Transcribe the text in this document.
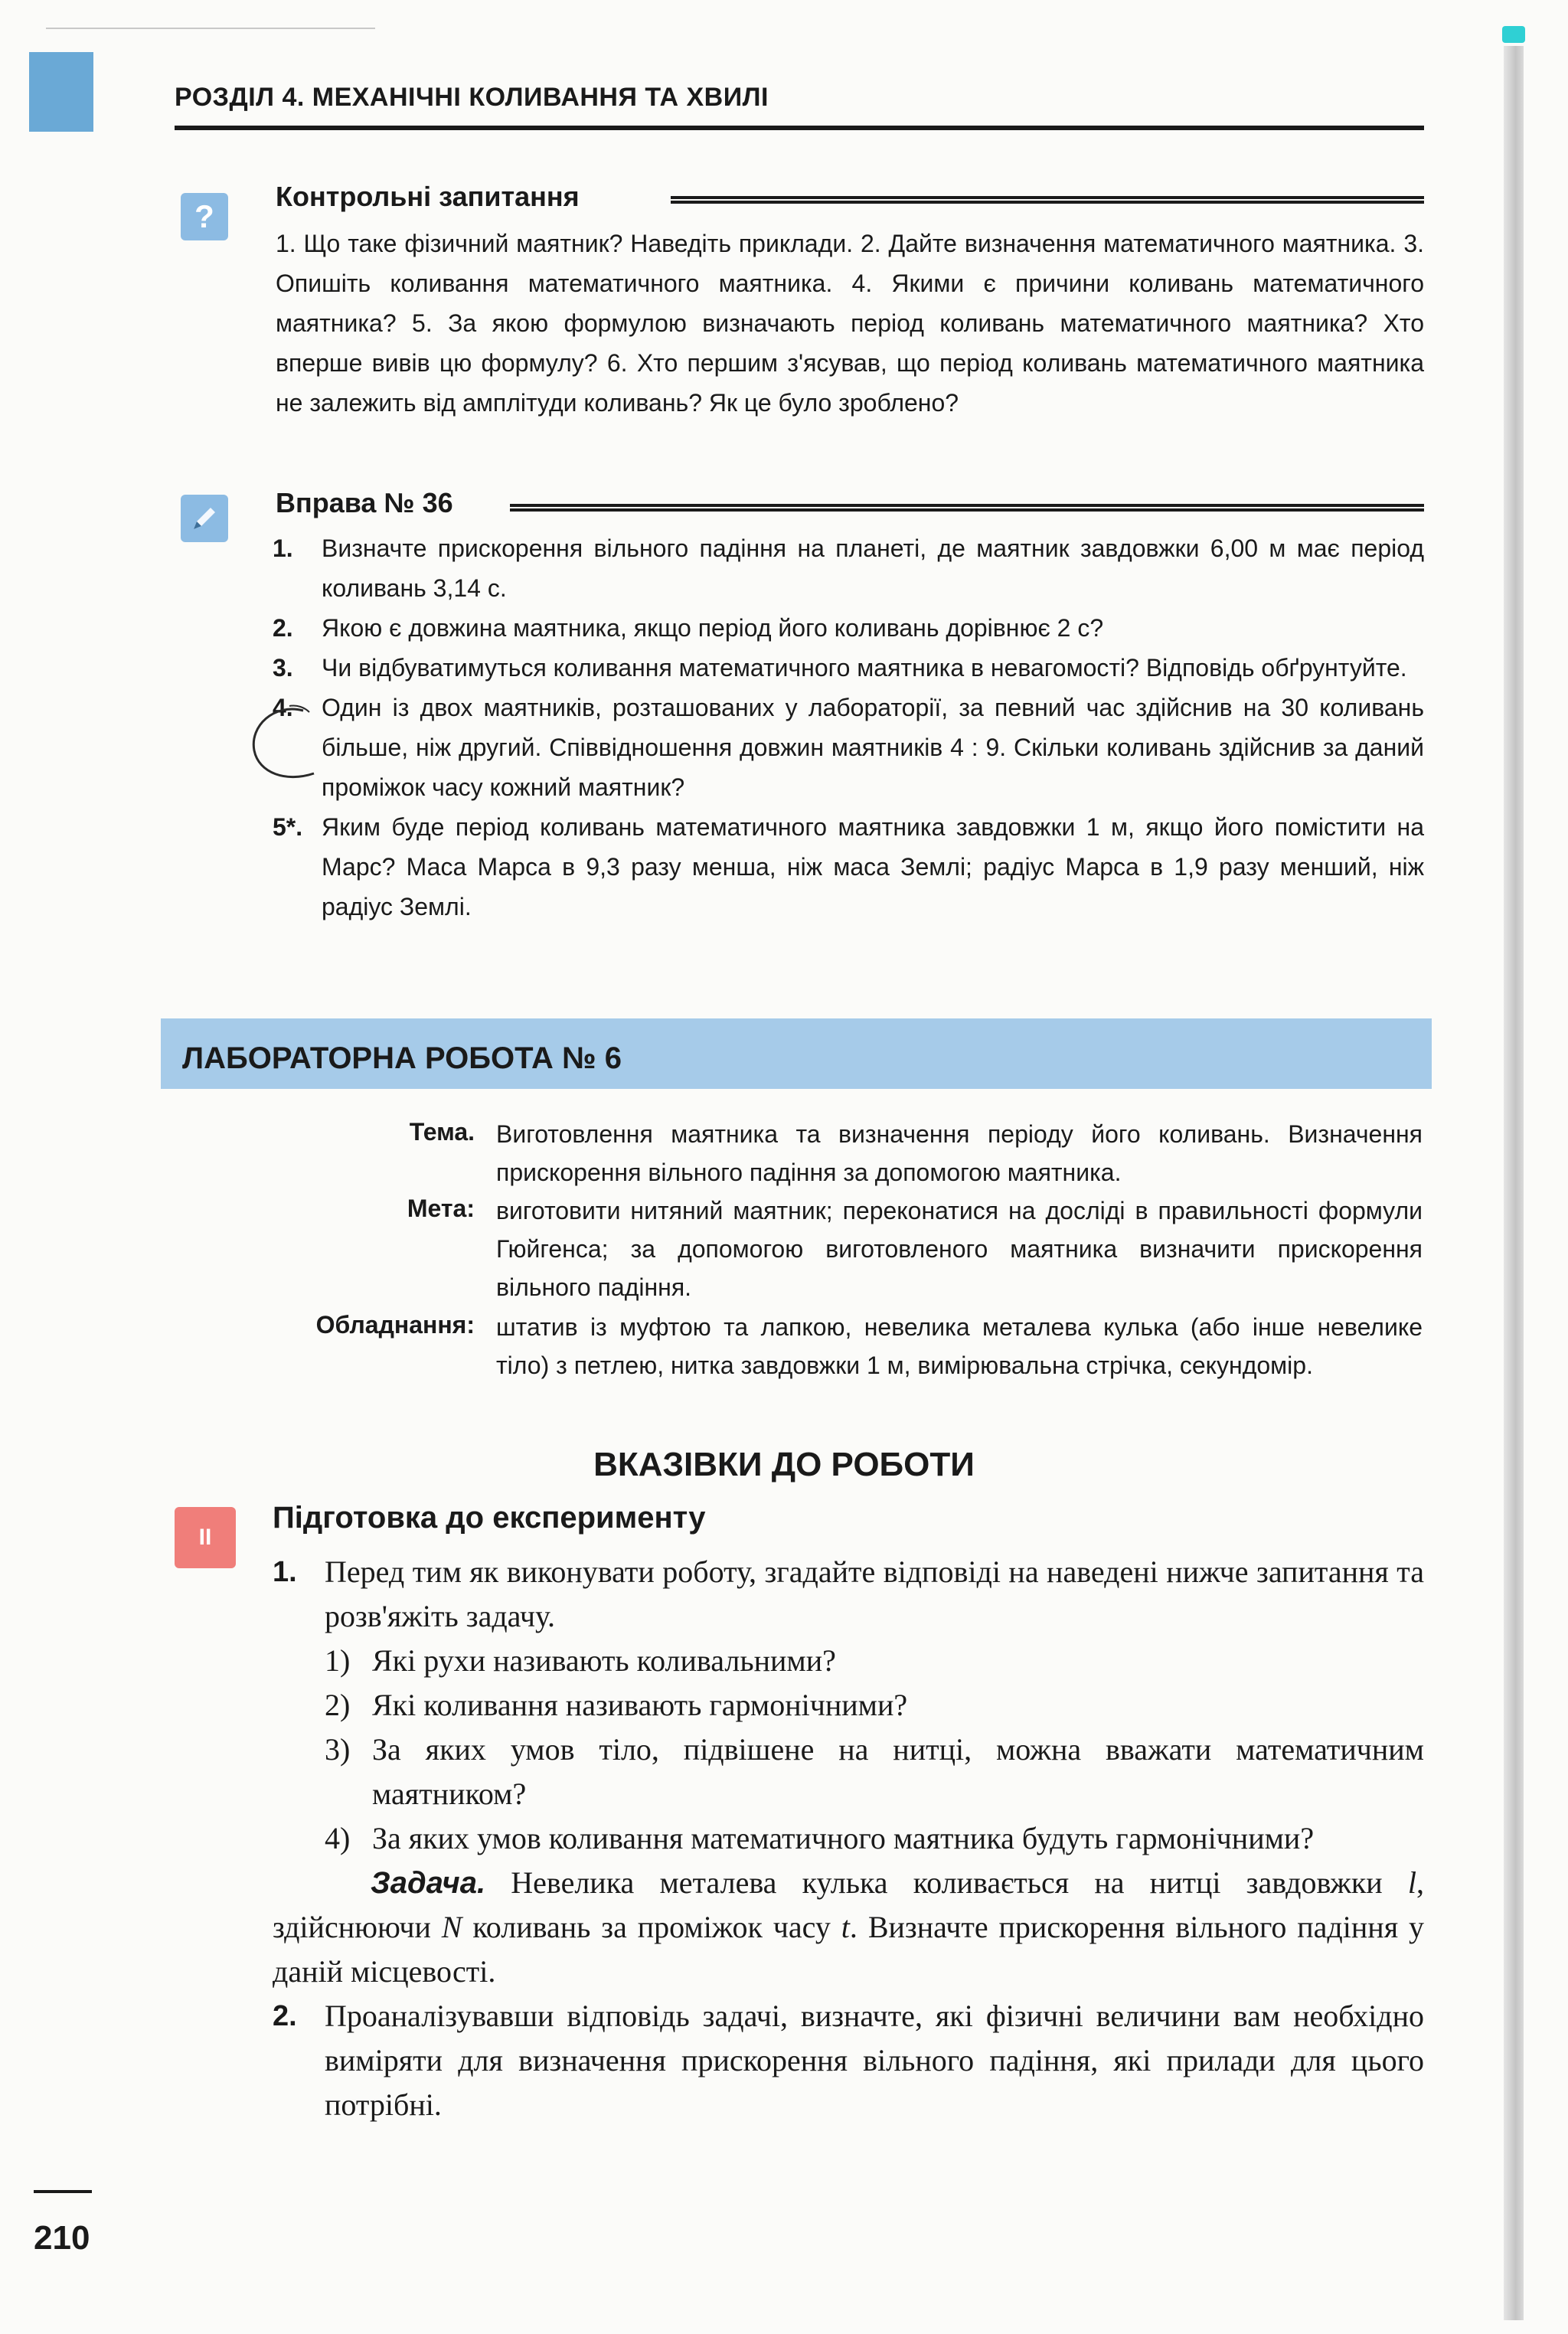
РОЗДІЛ 4. МЕХАНІЧНІ КОЛИВАННЯ ТА ХВИЛІ
?
Контрольні запитання
1. Що таке фізичний маятник? Наведіть приклади. 2. Дайте визначення математичного маятника. 3. Опишіть коливання математичного маятника. 4. Якими є причини коливань математичного маятника? 5. За якою формулою визначають період коливань математичного маятника? Хто вперше вивів цю формулу? 6. Хто першим з'ясував, що період коливань математичного маятника не залежить від амплітуди коливань? Як це було зроблено?
Вправа № 36
1. Визначте прискорення вільного падіння на планеті, де маятник завдовжки 6,00 м має період коливань 3,14 с.
2. Якою є довжина маятника, якщо період його коливань дорівнює 2 с?
3. Чи відбуватимуться коливання математичного маятника в невагомості? Відповідь обґрунтуйте.
4. Один із двох маятників, розташованих у лабораторії, за певний час здійснив на 30 коливань більше, ніж другий. Співвідношення довжин маятників 4 : 9. Скільки коливань здійснив за даний проміжок часу кожний маятник?
5*. Яким буде період коливань математичного маятника завдовжки 1 м, якщо його помістити на Марс? Маса Марса в 9,3 разу менша, ніж маса Землі; радіус Марса в 1,9 разу менший, ніж радіус Землі.
ЛАБОРАТОРНА РОБОТА № 6
Тема. Виготовлення маятника та визначення періоду його коливань. Визначення прискорення вільного падіння за допомогою маятника.
Мета: виготовити нитяний маятник; переконатися на досліді в правильності формули Гюйгенса; за допомогою виготовленого маятника визначити прискорення вільного падіння.
Обладнання: штатив із муфтою та лапкою, невелика металева кулька (або інше невелике тіло) з петлею, нитка завдовжки 1 м, вимірювальна стрічка, секундомір.
ВКАЗІВКИ ДО РОБОТИ
II
Підготовка до експерименту
1. Перед тим як виконувати роботу, згадайте відповіді на наведені нижче запитання та розв'яжіть задачу.
1) Які рухи називають коливальними?
2) Які коливання називають гармонічними?
3) За яких умов тіло, підвішене на нитці, можна вважати математичним маятником?
4) За яких умов коливання математичного маятника будуть гармонічними?
Задача. Невелика металева кулька коливається на нитці завдовжки l, здійснюючи N коливань за проміжок часу t. Визначте прискорення вільного падіння у даній місцевості.
2. Проаналізувавши відповідь задачі, визначте, які фізичні величини вам необхідно виміряти для визначення прискорення вільного падіння, які прилади для цього потрібні.
210
